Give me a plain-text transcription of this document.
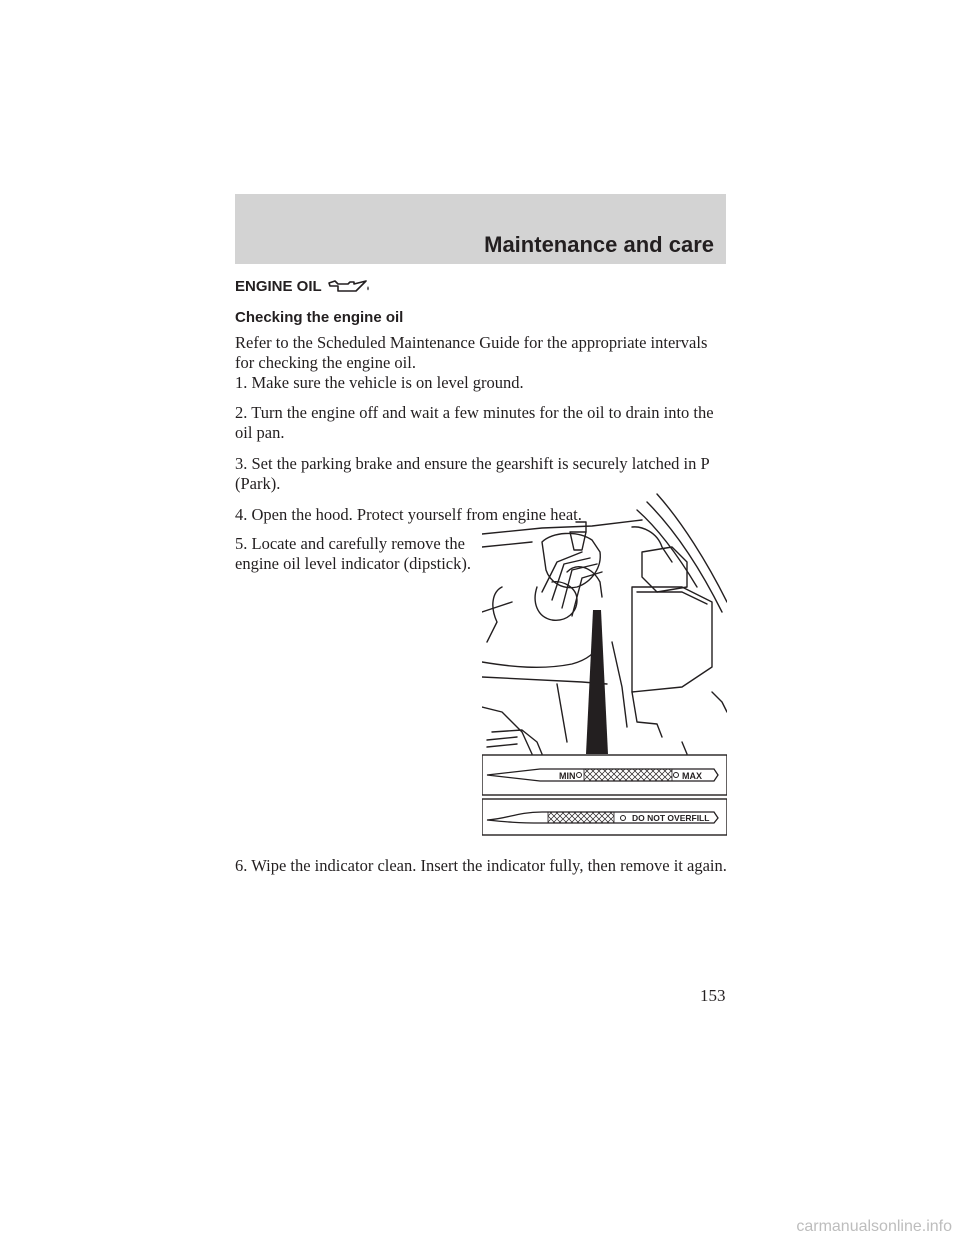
Maintenance and care
ENGINE OIL
Checking the engine oil

Refer to the Scheduled Maintenance Guide for the appropriate intervals for checking the engine oil.

1. Make sure the vehicle is on level ground.

2. Turn the engine off and wait a few minutes for the oil to drain into the oil pan.

3. Set the parking brake and ensure the gearshift is securely latched in P (Park).

4. Open the hood. Protect yourself from engine heat.

5. Locate and carefully remove the engine oil level indicator (dipstick).

MIN	MAX
DO NOT OVERFILL

6. Wipe the indicator clean. Insert the indicator fully, then remove it again.

153

carmanualsonline.info
